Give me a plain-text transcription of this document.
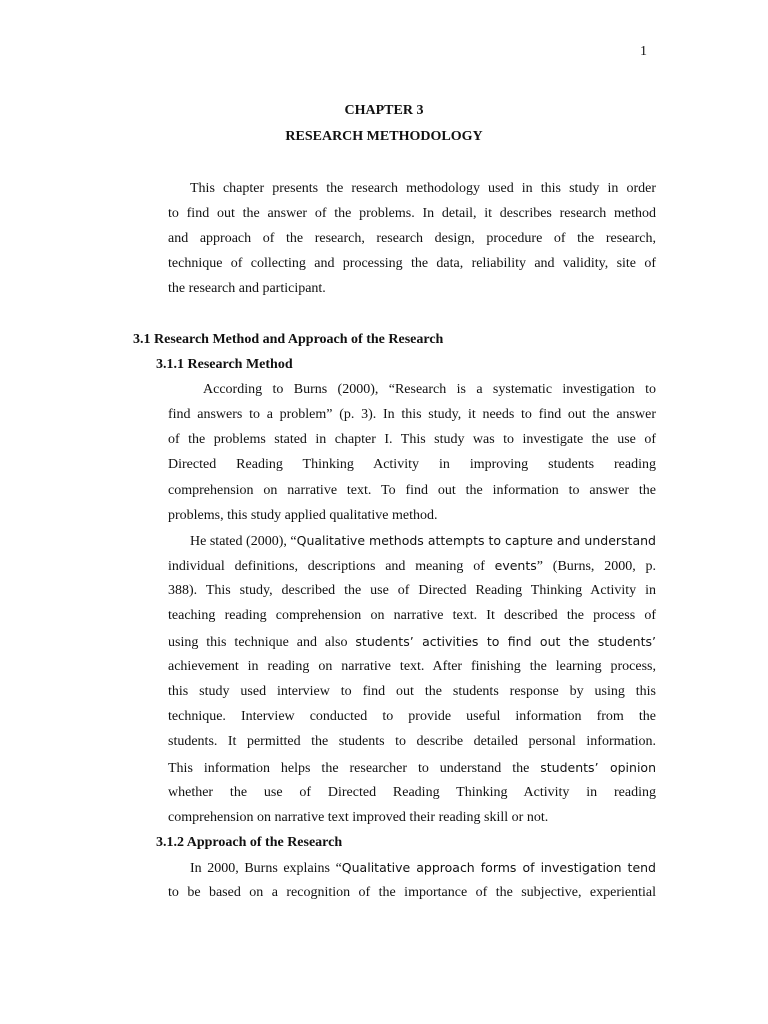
1
CHAPTER 3
RESEARCH METHODOLOGY
This chapter presents the research methodology used in this study in order
to find out the answer of the problems. In detail, it describes research method
and approach of the research, research design, procedure of the research,
technique of collecting and processing the data, reliability and validity, site of
the research and participant.
3.1 Research Method and Approach of the Research
3.1.1 Research Method
According to Burns (2000), “Research is a systematic investigation to
find answers to a problem” (p. 3). In this study, it needs to find out the answer
of the problems stated in chapter I. This study was to investigate the use of
Directed Reading Thinking Activity in improving students reading
comprehension on narrative text. To find out the information to answer the
problems, this study applied qualitative method.
He stated (2000), “Qualitative methods attempts to capture and understand
individual definitions, descriptions and meaning of events” (Burns, 2000, p.
388). This study, described the use of Directed Reading Thinking Activity in
teaching reading comprehension on narrative text. It described the process of
using this technique and also students’ activities to find out the students’
achievement in reading on narrative text. After finishing the learning process,
this study used interview to find out the students response by using this
technique. Interview conducted to provide useful information from the
students. It permitted the students to describe detailed personal information.
This information helps the researcher to understand the students’ opinion
whether the use of Directed Reading Thinking Activity in reading
comprehension on narrative text improved their reading skill or not.
3.1.2 Approach of the Research
In 2000, Burns explains “Qualitative approach forms of investigation tend
to be based on a recognition of the importance of the subjective, experiential
